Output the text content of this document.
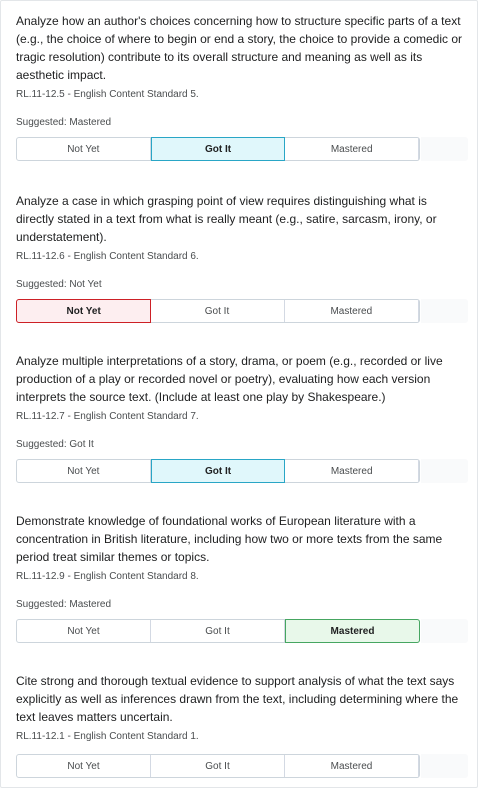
Analyze how an author's choices concerning how to structure specific parts of a text (e.g., the choice of where to begin or end a story, the choice to provide a comedic or tragic resolution) contribute to its overall structure and meaning as well as its aesthetic impact.

RL.11-12.5 - English Content Standard 5.

Suggested: Mastered

Not Yet	Got It	Mastered

Analyze a case in which grasping point of view requires distinguishing what is directly stated in a text from what is really meant (e.g., satire, sarcasm, irony, or understatement).

RL.11-12.6 - English Content Standard 6.

Suggested: Not Yet

Not Yet	Got It	Mastered

Analyze multiple interpretations of a story, drama, or poem (e.g., recorded or live production of a play or recorded novel or poetry), evaluating how each version interprets the source text. (Include at least one play by Shakespeare.)

RL.11-12.7 - English Content Standard 7.

Suggested: Got It

Not Yet	Got It	Mastered

Demonstrate knowledge of foundational works of European literature with a concentration in British literature, including how two or more texts from the same period treat similar themes or topics.

RL.11-12.9 - English Content Standard 8.

Suggested: Mastered

Not Yet	Got It	Mastered

Cite strong and thorough textual evidence to support analysis of what the text says explicitly as well as inferences drawn from the text, including determining where the text leaves matters uncertain.

RL.11-12.1 - English Content Standard 1.

Not Yet	Got It	Mastered
